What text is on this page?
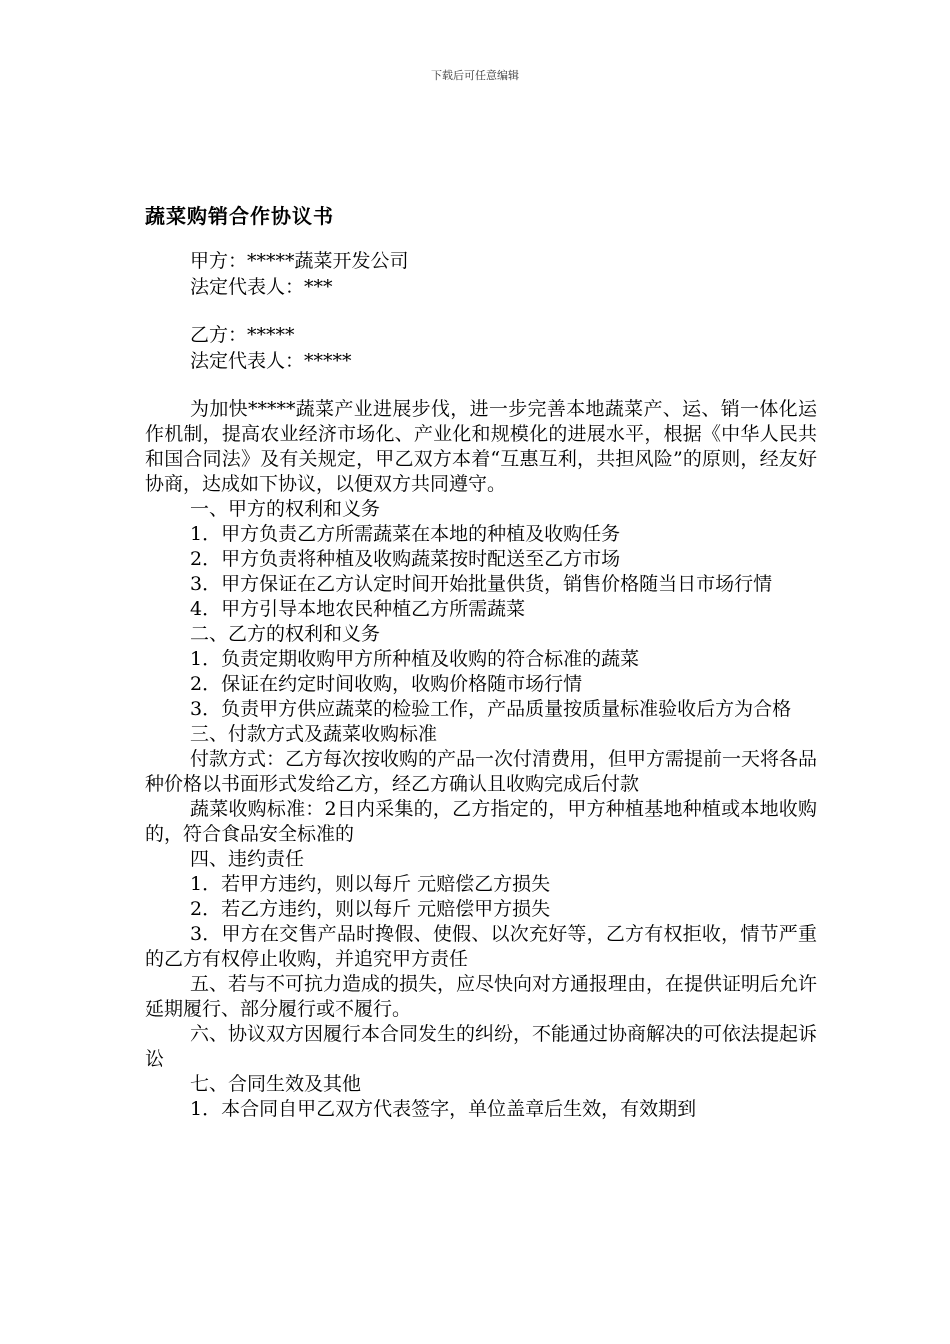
下载后可任意编辑
蔬菜购销合作协议书
甲方：*****蔬菜开发公司
法定代表人：***
乙方：*****
法定代表人：*****

为加快*****蔬菜产业进展步伐，进一步完善本地蔬菜产、运、销一体化运作机制，提高农业经济市场化、产业化和规模化的进展水平，根据《中华人民共和国合同法》及有关规定，甲乙双方本着“互惠互利，共担风险”的原则，经友好协商，达成如下协议，以便双方共同遵守。

一、甲方的权利和义务

1．甲方负责乙方所需蔬菜在本地的种植及收购任务

2．甲方负责将种植及收购蔬菜按时配送至乙方市场

3．甲方保证在乙方认定时间开始批量供货，销售价格随当日市场行情

4．甲方引导本地农民种植乙方所需蔬菜

二、乙方的权利和义务

1．负责定期收购甲方所种植及收购的符合标准的蔬菜

2．保证在约定时间收购，收购价格随市场行情

3．负责甲方供应蔬菜的检验工作，产品质量按质量标准验收后方为合格

三、付款方式及蔬菜收购标准

付款方式：乙方每次按收购的产品一次付清费用，但甲方需提前一天将各品种价格以书面形式发给乙方，经乙方确认且收购完成后付款

蔬菜收购标准：2日内采集的，乙方指定的，甲方种植基地种植或本地收购的，符合食品安全标准的

四、违约责任

1．若甲方违约，则以每斤 元赔偿乙方损失

2．若乙方违约，则以每斤 元赔偿甲方损失

3．甲方在交售产品时搀假、使假、以次充好等，乙方有权拒收，情节严重的乙方有权停止收购，并追究甲方责任

五、若与不可抗力造成的损失，应尽快向对方通报理由，在提供证明后允许延期履行、部分履行或不履行。

六、协议双方因履行本合同发生的纠纷，不能通过协商解决的可依法提起诉讼

七、合同生效及其他

1．本合同自甲乙双方代表签字，单位盖章后生效，有效期到
